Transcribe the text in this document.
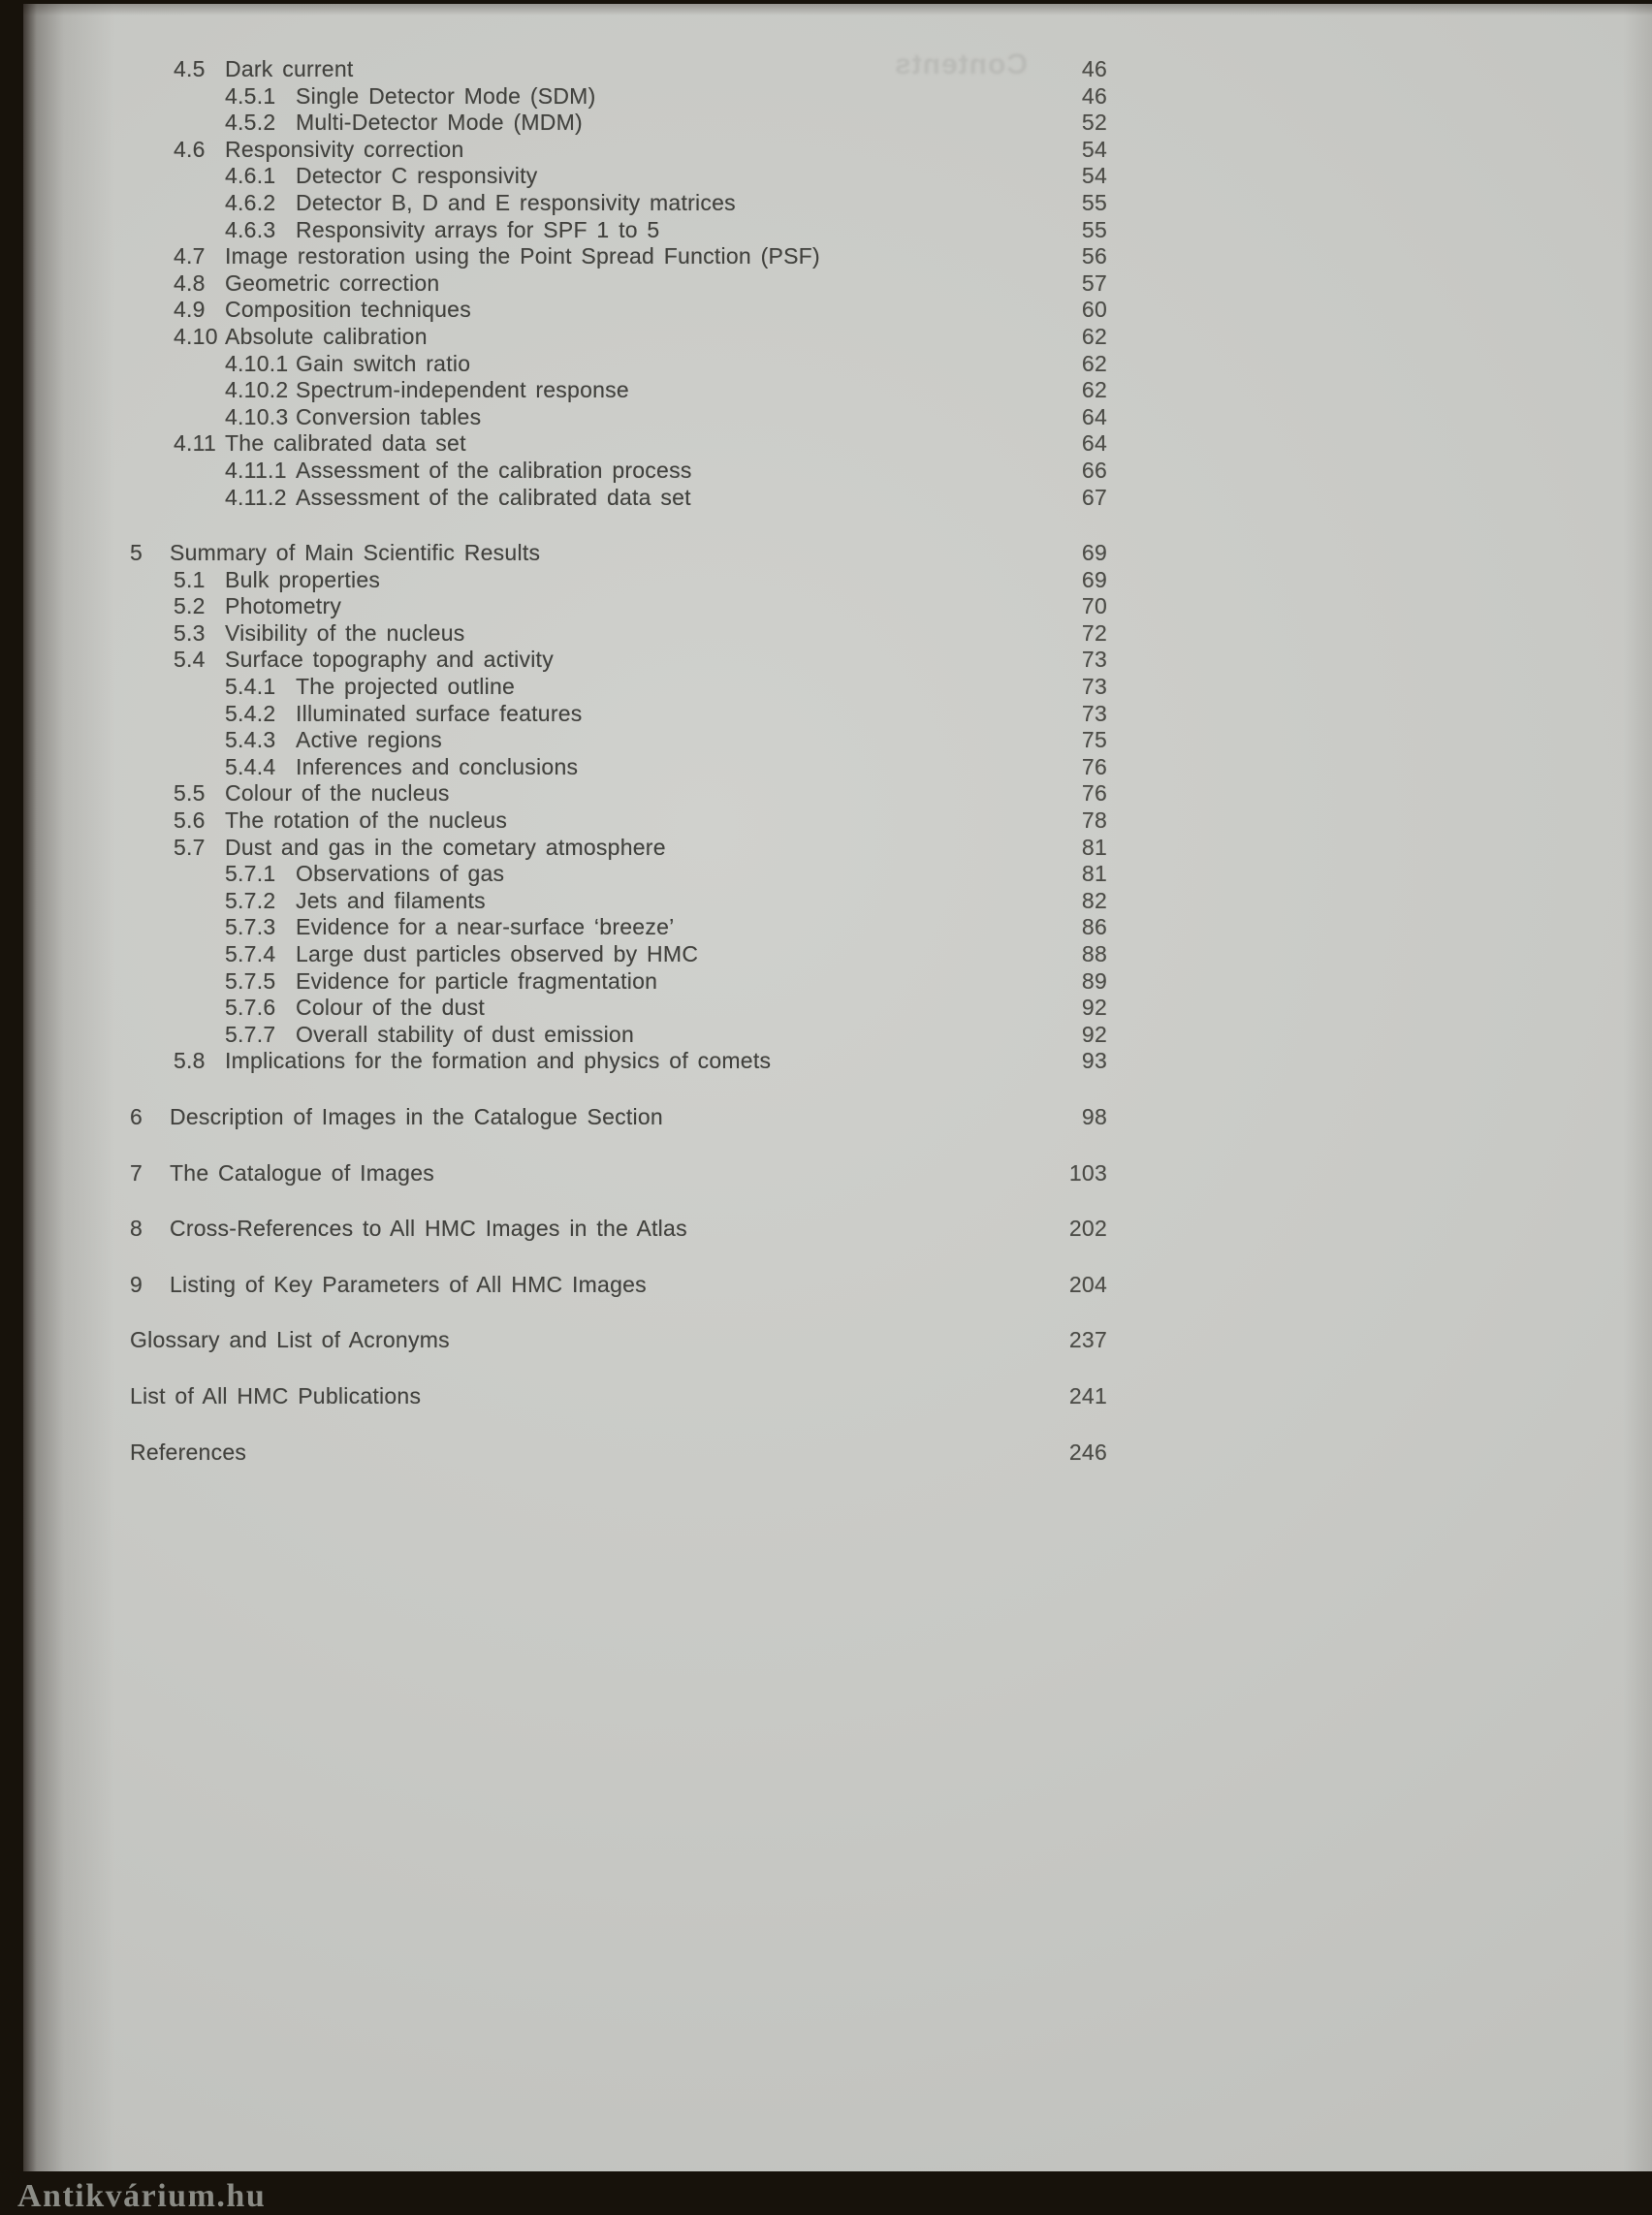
Contents
4.5 Dark current	46
4.5.1 Single Detector Mode (SDM)	46
4.5.2 Multi-Detector Mode (MDM)	52
4.6 Responsivity correction	54
4.6.1 Detector C responsivity	54
4.6.2 Detector B, D and E responsivity matrices	55
4.6.3 Responsivity arrays for SPF 1 to 5	55
4.7 Image restoration using the Point Spread Function (PSF)	56
4.8 Geometric correction	57
4.9 Composition techniques	60
4.10 Absolute calibration	62
4.10.1 Gain switch ratio	62
4.10.2 Spectrum-independent response	62
4.10.3 Conversion tables	64
4.11 The calibrated data set	64
4.11.1 Assessment of the calibration process	66
4.11.2 Assessment of the calibrated data set	67
5	Summary of Main Scientific Results	69
5.1 Bulk properties	69
5.2 Photometry	70
5.3 Visibility of the nucleus	72
5.4 Surface topography and activity	73
5.4.1 The projected outline	73
5.4.2 Illuminated surface features	73
5.4.3 Active regions	75
5.4.4 Inferences and conclusions	76
5.5 Colour of the nucleus	76
5.6 The rotation of the nucleus	78
5.7 Dust and gas in the cometary atmosphere	81
5.7.1 Observations of gas	81
5.7.2 Jets and filaments	82
5.7.3 Evidence for a near-surface ‘breeze’	86
5.7.4 Large dust particles observed by HMC	88
5.7.5 Evidence for particle fragmentation	89
5.7.6 Colour of the dust	92
5.7.7 Overall stability of dust emission	92
5.8 Implications for the formation and physics of comets	93
6	Description of Images in the Catalogue Section	98
7	The Catalogue of Images	103
8	Cross-References to All HMC Images in the Atlas	202
9	Listing of Key Parameters of All HMC Images	204
Glossary and List of Acronyms	237
List of All HMC Publications	241
References	246
Antikvárium.hu
